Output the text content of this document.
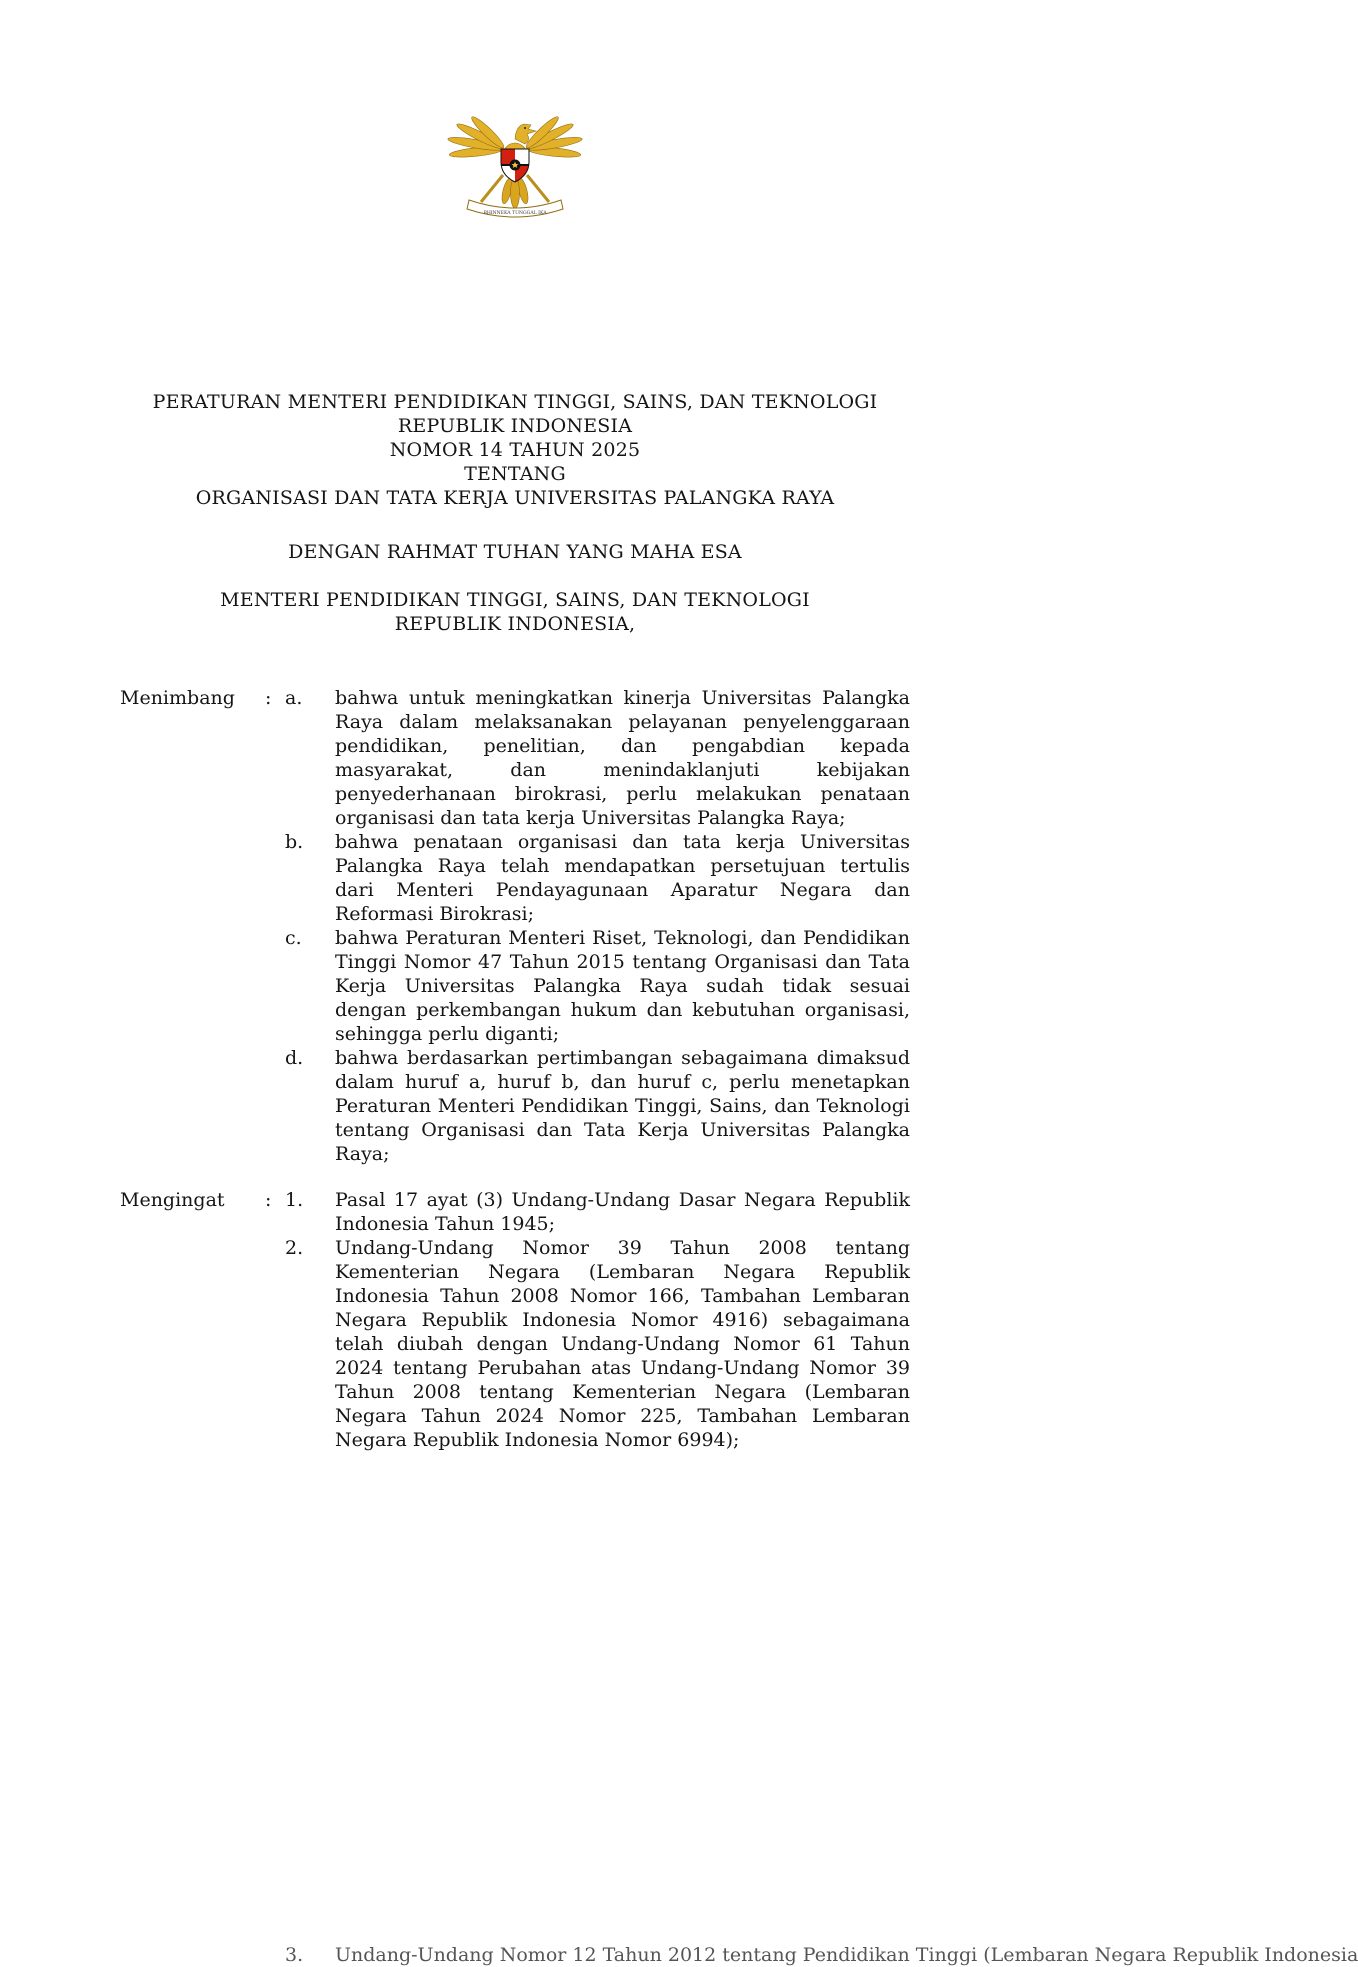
BHINNEKA TUNGGAL IKA
PERATURAN MENTERI PENDIDIKAN TINGGI, SAINS, DAN TEKNOLOGI
REPUBLIK INDONESIA
NOMOR 14 TAHUN 2025
TENTANG
ORGANISASI DAN TATA KERJA UNIVERSITAS PALANGKA RAYA
DENGAN RAHMAT TUHAN YANG MAHA ESA
MENTERI PENDIDIKAN TINGGI, SAINS, DAN TEKNOLOGI
REPUBLIK INDONESIA,
Menimbang	: a.	bahwa untuk meningkatkan kinerja Universitas Palangka Raya dalam melaksanakan pelayanan penyelenggaraan pendidikan, penelitian, dan pengabdian kepada masyarakat, dan menindaklanjuti kebijakan penyederhanaan birokrasi, perlu melakukan penataan organisasi dan tata kerja Universitas Palangka Raya;
b.	bahwa penataan organisasi dan tata kerja Universitas Palangka Raya telah mendapatkan persetujuan tertulis dari Menteri Pendayagunaan Aparatur Negara dan Reformasi Birokrasi;
c.	bahwa Peraturan Menteri Riset, Teknologi, dan Pendidikan Tinggi Nomor 47 Tahun 2015 tentang Organisasi dan Tata Kerja Universitas Palangka Raya sudah tidak sesuai dengan perkembangan hukum dan kebutuhan organisasi, sehingga perlu diganti;
d.	bahwa berdasarkan pertimbangan sebagaimana dimaksud dalam huruf a, huruf b, dan huruf c, perlu menetapkan Peraturan Menteri Pendidikan Tinggi, Sains, dan Teknologi tentang Organisasi dan Tata Kerja Universitas Palangka Raya;
Mengingat	: 1.	Pasal 17 ayat (3) Undang-Undang Dasar Negara Republik Indonesia Tahun 1945;
2.	Undang-Undang Nomor 39 Tahun 2008 tentang Kementerian Negara (Lembaran Negara Republik Indonesia Tahun 2008 Nomor 166, Tambahan Lembaran Negara Republik Indonesia Nomor 4916) sebagaimana telah diubah dengan Undang-Undang Nomor 61 Tahun 2024 tentang Perubahan atas Undang-Undang Nomor 39 Tahun 2008 tentang Kementerian Negara (Lembaran Negara Tahun 2024 Nomor 225, Tambahan Lembaran Negara Republik Indonesia Nomor 6994);
3.	Undang-Undang Nomor 12 Tahun 2012 tentang Pendidikan Tinggi (Lembaran Negara Republik Indonesia
